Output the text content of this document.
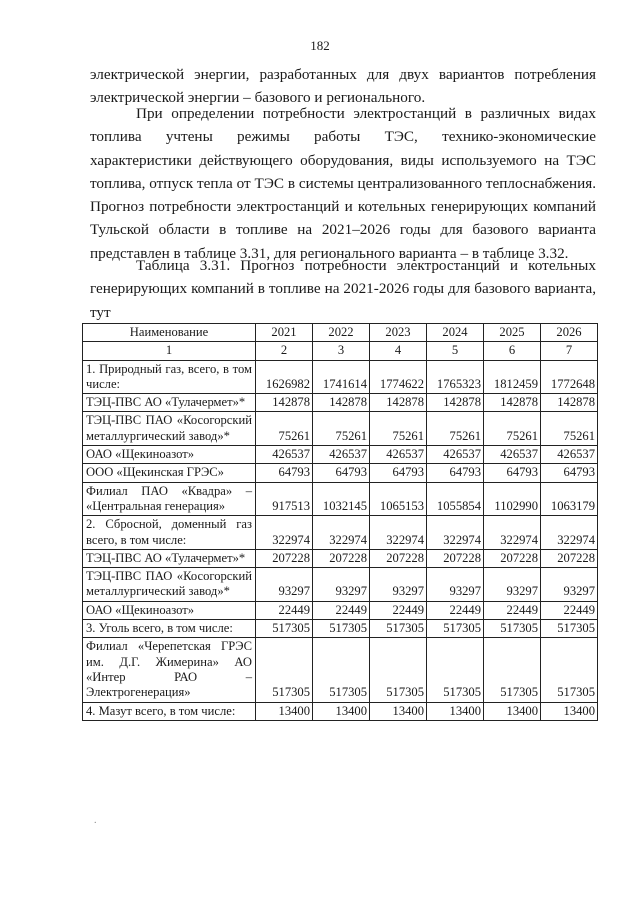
182

электрической энергии, разработанных для двух вариантов потребления электрической энергии – базового и регионального.

При определении потребности электростанций в различных видах топлива учтены режимы работы ТЭС, технико-экономические характеристики действующего оборудования, виды используемого на ТЭС топлива, отпуск тепла от ТЭС в системы централизованного теплоснабжения. Прогноз потребности электростанций и котельных генерирующих компаний Тульской области в топливе на 2021–2026 годы для базового варианта представлен в таблице 3.31, для регионального варианта – в таблице 3.32.

Таблица 3.31. Прогноз потребности электростанций и котельных генерирующих компаний в топливе на 2021-2026 годы для базового варианта, тут

Наименование	2021	2022	2023	2024	2025	2026
1	2	3	4	5	6	7
1. Природный газ, всего, в том числе:	1626982	1741614	1774622	1765323	1812459	1772648
ТЭЦ-ПВС АО «Тулачермет»*	142878	142878	142878	142878	142878	142878
ТЭЦ-ПВС ПАО «Косогорский металлургический завод»*	75261	75261	75261	75261	75261	75261
ОАО «Щекиноазот»	426537	426537	426537	426537	426537	426537
ООО «Щекинская ГРЭС»	64793	64793	64793	64793	64793	64793
Филиал ПАО «Квадра» – «Центральная генерация»	917513	1032145	1065153	1055854	1102990	1063179
2. Сбросной, доменный газ всего, в том числе:	322974	322974	322974	322974	322974	322974
ТЭЦ-ПВС АО «Тулачермет»*	207228	207228	207228	207228	207228	207228
ТЭЦ-ПВС ПАО «Косогорский металлургический завод»*	93297	93297	93297	93297	93297	93297
ОАО «Щекиноазот»	22449	22449	22449	22449	22449	22449
3. Уголь всего, в том числе:	517305	517305	517305	517305	517305	517305
Филиал «Черепетская ГРЭС им. Д.Г. Жимерина» АО «Интер РАО – Электрогенерация»	517305	517305	517305	517305	517305	517305
4. Мазут всего, в том числе:	13400	13400	13400	13400	13400	13400
.
